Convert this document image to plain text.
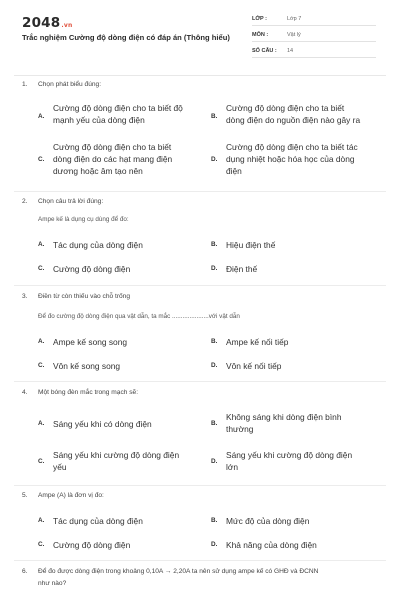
2048.vn
Trắc nghiệm Cường độ dòng điện có đáp án (Thông hiểu)
LỚP :	Lớp 7
MÔN :	Vật lý
SỐ CÂU : 14
1. Chọn phát biểu đúng:
A.
Cường độ dòng điện cho ta biết độ
mạnh yếu của dòng điện	B.
Cường độ dòng điện cho ta biết
dòng điện do nguồn điện nào gây ra
C.
Cường độ dòng điện cho ta biết
dòng điện do các hạt mang điện
dương hoặc âm tạo nên
D.
Cường độ dòng điện cho ta biết tác
dụng nhiệt hoặc hóa học của dòng
điện
2. Chọn câu trả lời đúng:
Ampe kế là dụng cụ dùng để đo:
A. Tác dụng của dòng điện	B. Hiệu điện thế
C. Cường độ dòng điện	D. Điện thế
3. Điền từ còn thiếu vào chỗ trống
Để đo cường độ dòng điện qua vật dẫn, ta mắc .....................với vật dẫn
A. Ampe kế song song	B. Ampe kế nối tiếp
C. Vôn kế song song	D. Vôn kế nối tiếp
4. Một bóng đèn mắc trong mạch sẽ:
A. Sáng yếu khi có dòng điện	B.
Không sáng khi dòng điện bình
thường
C.
Sáng yếu khi cường độ dòng điện
yếu
D.
Sáng yếu khi cường độ dòng điện
lớn
5. Ampe (A) là đơn vị đo:
A. Tác dụng của dòng điện	B. Mức độ của dòng điện
C. Cường độ dòng điện	D. Khả năng của dòng điện
6. Để đo được dòng điện trong khoảng 0,10A → 2,20A ta nên sử dụng ampe kế có GHĐ và ĐCNN
như nào?
